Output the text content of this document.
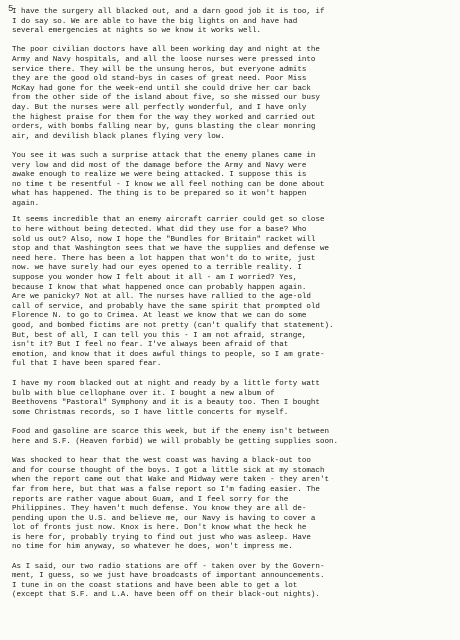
5

I have the surgery all blacked out, and a darn good job it is too, if
I do say so. We are able to have the big lights on and have had
several emergencies at nights so we know it works well.

The poor civilian doctors have all been working day and night at the
Army and Navy hospitals, and all the loose nurses were pressed into
service there. They will be the unsung heros, but everyone admits
they are the good old stand-bys in cases of great need. Poor Miss
McKay had gone for the week-end until she could drive her car back
from the other side of the island about five, so she missed our busy
day. But the nurses were all perfectly wonderful, and I have only
the highest praise for them for the way they worked and carried out
orders, with bombs falling near by, guns blasting the clear monring
air, and devilish black planes flying very low.

You see it was such a surprise attack that the enemy planes came in
very low and did most of the damage before the Army and Navy were
awake enough to realize we were being attacked. I suppose this is
no time t be resentful - I know we all feel nothing can be done about
what has happened. The thing is to be prepared so it won't happen
again.

It seems incredible that an enemy aircraft carrier could get so close
to here without being detected. What did they use for a base? Who
sold us out? Also, now I hope the "Bundles for Britain" racket will
stop and that Washington sees that we have the supplies and defense we
need here. There has been a lot happen that won't do to write, just
now. we have surely had our eyes opened to a terrible reality. I
suppose you wonder how I felt about it all - am I worried? Yes,
because I know that what happened once can probably happen again.
Are we panicky? Not at all. The nurses have rallied to the age-old
call of service, and probably have the same spirit that prompted old
Florence N. to go to Crimea. At least we know that we can do some
good, and bombed fictims are not pretty (can't qualify that statement).
But, best of all, I can tell you this - I am not afraid, strange,
isn't it? But I feel no fear. I've always been afraid of that
emotion, and know that it does awful things to people, so I am grate-
ful that I have been spared fear.

I have my room blacked out at night and ready by a little forty watt
bulb with blue cellophane over it. I bought a new album of
Beethovens "Pastoral" Symphony and it is a beauty too. Then I bought
some Christmas records, so I have little concerts for myself.

Food and gasoline are scarce this week, but if the enemy isn't between
here and S.F. (Heaven forbid) we will probably be getting supplies soon.

Was shocked to hear that the west coast was having a black-out too
and for course thought of the boys. I got a little sick at my stomach
when the report came out that Wake and Midway were taken - they aren't
far from here, but that was a false report so I'm fading easier. The
reports are rather vague about Guam, and I feel sorry for the
Philippines. They haven't much defense. You know they are all de-
pending upon the U.S. and believe me, our Navy is having to cover a
lot of fronts just now. Knox is here. Don't know what the heck he
is here for, probably trying to find out just who was asleep. Have
no time for him anyway, so whatever he does, won't impress me.

As I said, our two radio stations are off - taken over by the Govern-
ment, I guess, so we just have broadcasts of important announcements.
I tune in on the coast stations and have been able to get a lot
(except that S.F. and L.A. have been off on their black-out nights).
